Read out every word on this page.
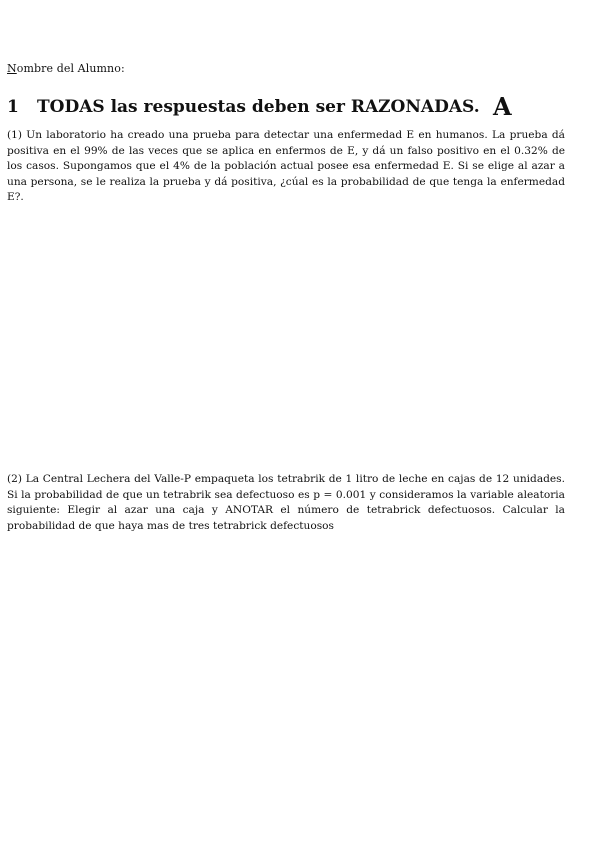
Nombre del Alumno:
1 TODAS las respuestas deben ser RAZONADAS. A

(1) Un laboratorio ha creado una prueba para detectar una enfermedad E en humanos. La prueba dá positiva en el 99% de las veces que se aplica en enfermos de E, y dá un falso positivo en el 0.32% de los casos. Supongamos que el 4% de la población actual posee esa enfermedad E. Si se elige al azar a una persona, se le realiza la prueba y dá positiva, ¿cúal es la probabilidad de que tenga la enfermedad E?.

(2) La Central Lechera del Valle-P empaqueta los tetrabrik de 1 litro de leche en cajas de 12 unidades. Si la probabilidad de que un tetrabrik sea defectuoso es p = 0.001 y consideramos la variable aleatoria siguiente: Elegir al azar una caja y ANOTAR el número de tetrabrick defectuosos. Calcular la probabilidad de que haya mas de tres tetrabrick defectuosos
